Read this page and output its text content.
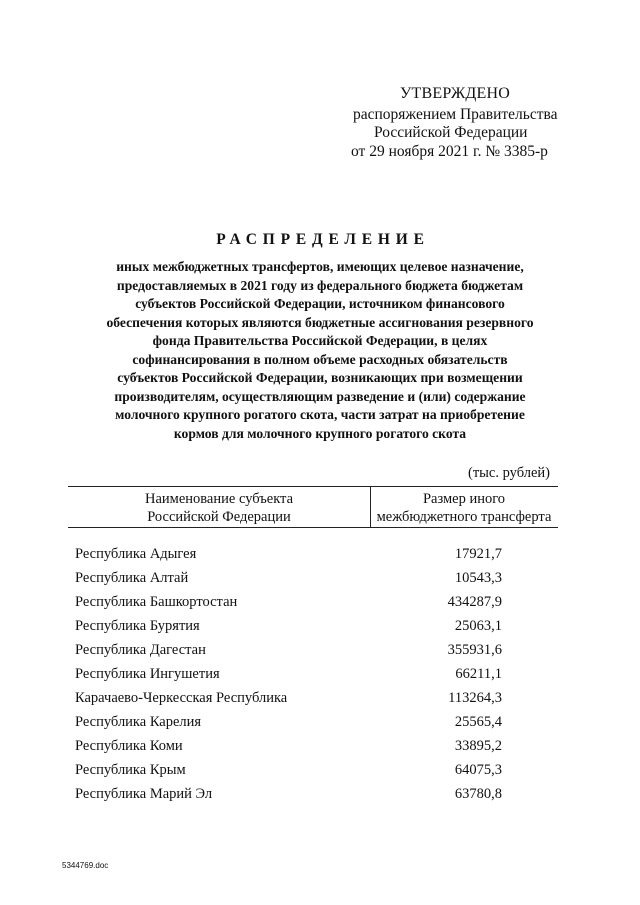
УТВЕРЖДЕНО
распоряжением Правительства
Российской Федерации
от 29 ноября 2021 г. № 3385-р
РАСПРЕДЕЛЕНИЕ
иных межбюджетных трансфертов, имеющих целевое назначение,
предоставляемых в 2021 году из федерального бюджета бюджетам
субъектов Российской Федерации, источником финансового
обеспечения которых являются бюджетные ассигнования резервного
фонда Правительства Российской Федерации, в целях
софинансирования в полном объеме расходных обязательств
субъектов Российской Федерации, возникающих при возмещении
производителям, осуществляющим разведение и (или) содержание
молочного крупного рогатого скота, части затрат на приобретение
кормов для молочного крупного рогатого скота
(тыс. рублей)
Наименование субъекта
Российской Федерации
Размер иного
межбюджетного трансферта
Республика Адыгея	17921,7
Республика Алтай	10543,3
Республика Башкортостан	434287,9
Республика Бурятия	25063,1
Республика Дагестан	355931,6
Республика Ингушетия	66211,1
Карачаево-Черкесская Республика	113264,3
Республика Карелия	25565,4
Республика Коми	33895,2
Республика Крым	64075,3
Республика Марий Эл	63780,8
5344769.doc
